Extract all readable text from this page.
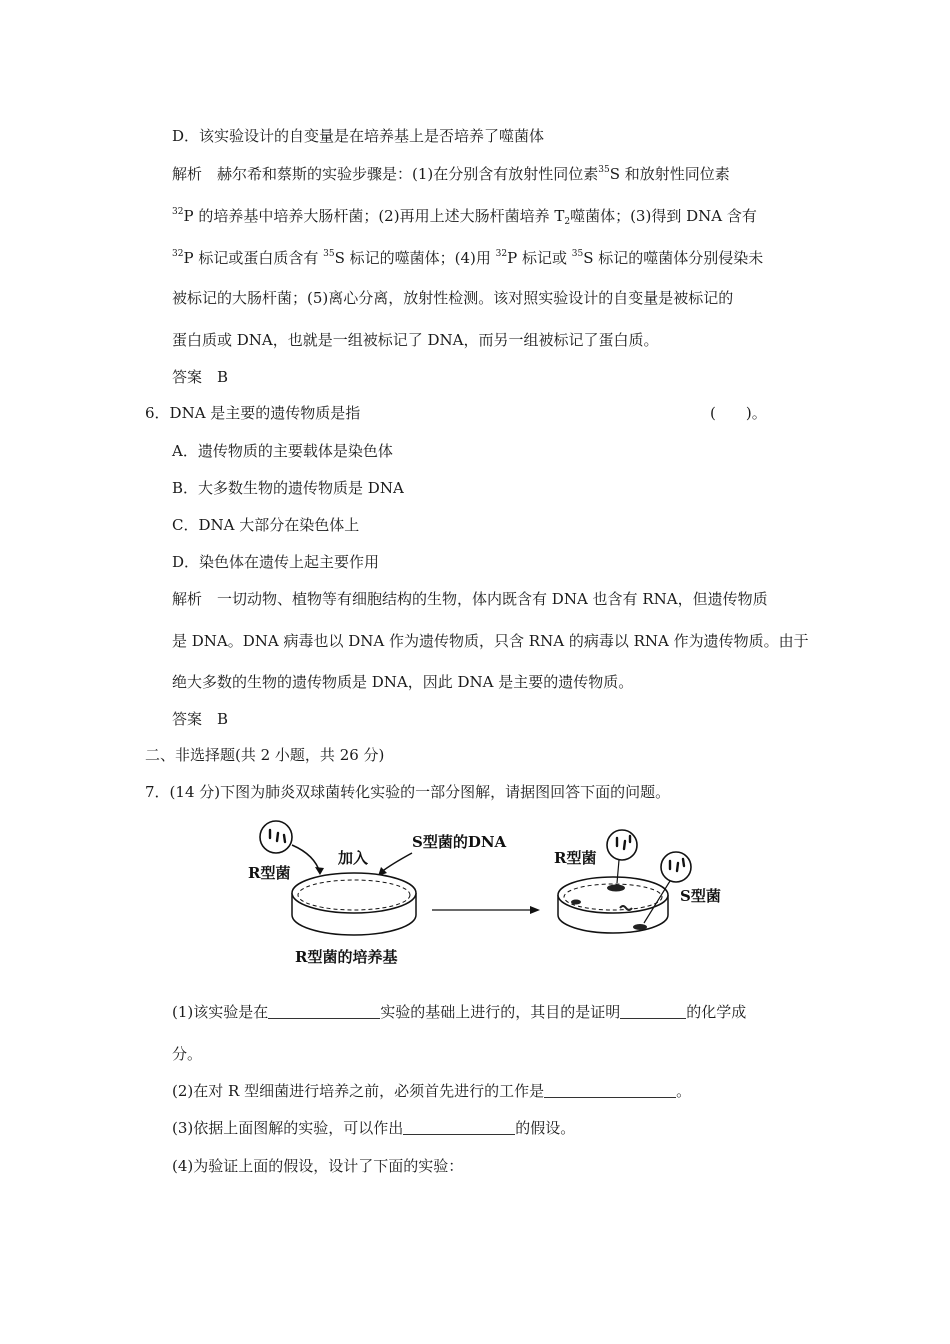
D．该实验设计的自变量是在培养基上是否培养了噬菌体
解析　 赫尔希和蔡斯的实验步骤是：(1)在分别含有放射性同位素$^{35}$S 和放射性同位素
$^{32}$P 的培养基中培养大肠杆菌；(2)再用上述大肠杆菌培养 $T_2$噬菌体；(3)得到 DNA 含有
$^{32}$P 标记或蛋白质含有 $^{35}$S 标记的噬菌体；(4)用 $^{32}$P 标记或 $^{35}$S 标记的噬菌体分别侵染未
被标记的大肠杆菌；(5)离心分离，放射性检测。该对照实验设计的自变量是被标记的
蛋白质或 DNA，也就是一组被标记了 DNA，而另一组被标记了蛋白质。
答案　B
6．DNA 是主要的遗传物质是指	(　　)。
A．遗传物质的主要载体是染色体
B．大多数生物的遗传物质是 DNA
C．DNA 大部分在染色体上
D．染色体在遗传上起主要作用
解析　 一切动物、植物等有细胞结构的生物，体内既含有 DNA 也含有 RNA，但遗传物质
是 DNA。DNA 病毒也以 DNA 作为遗传物质，只含 RNA 的病毒以 RNA 作为遗传物质。由于
绝大多数的生物的遗传物质是 DNA，因此 DNA 是主要的遗传物质。
答案　B
二、非选择题(共 2 小题，共 26 分)
7．(14 分)下图为肺炎双球菌转化实验的一部分图解，请据图回答下面的问题。
R型菌
加入
S型菌的DNA
R型菌的培养基
R型菌
S型菌
(1)该实验是在	实验的基础上进行的，其目的是证明	的化学成
分。
(2)在对 R 型细菌进行培养之前，必须首先进行的工作是	。
(3)依据上面图解的实验，可以作出	的假设。
(4)为验证上面的假设，设计了下面的实验：
